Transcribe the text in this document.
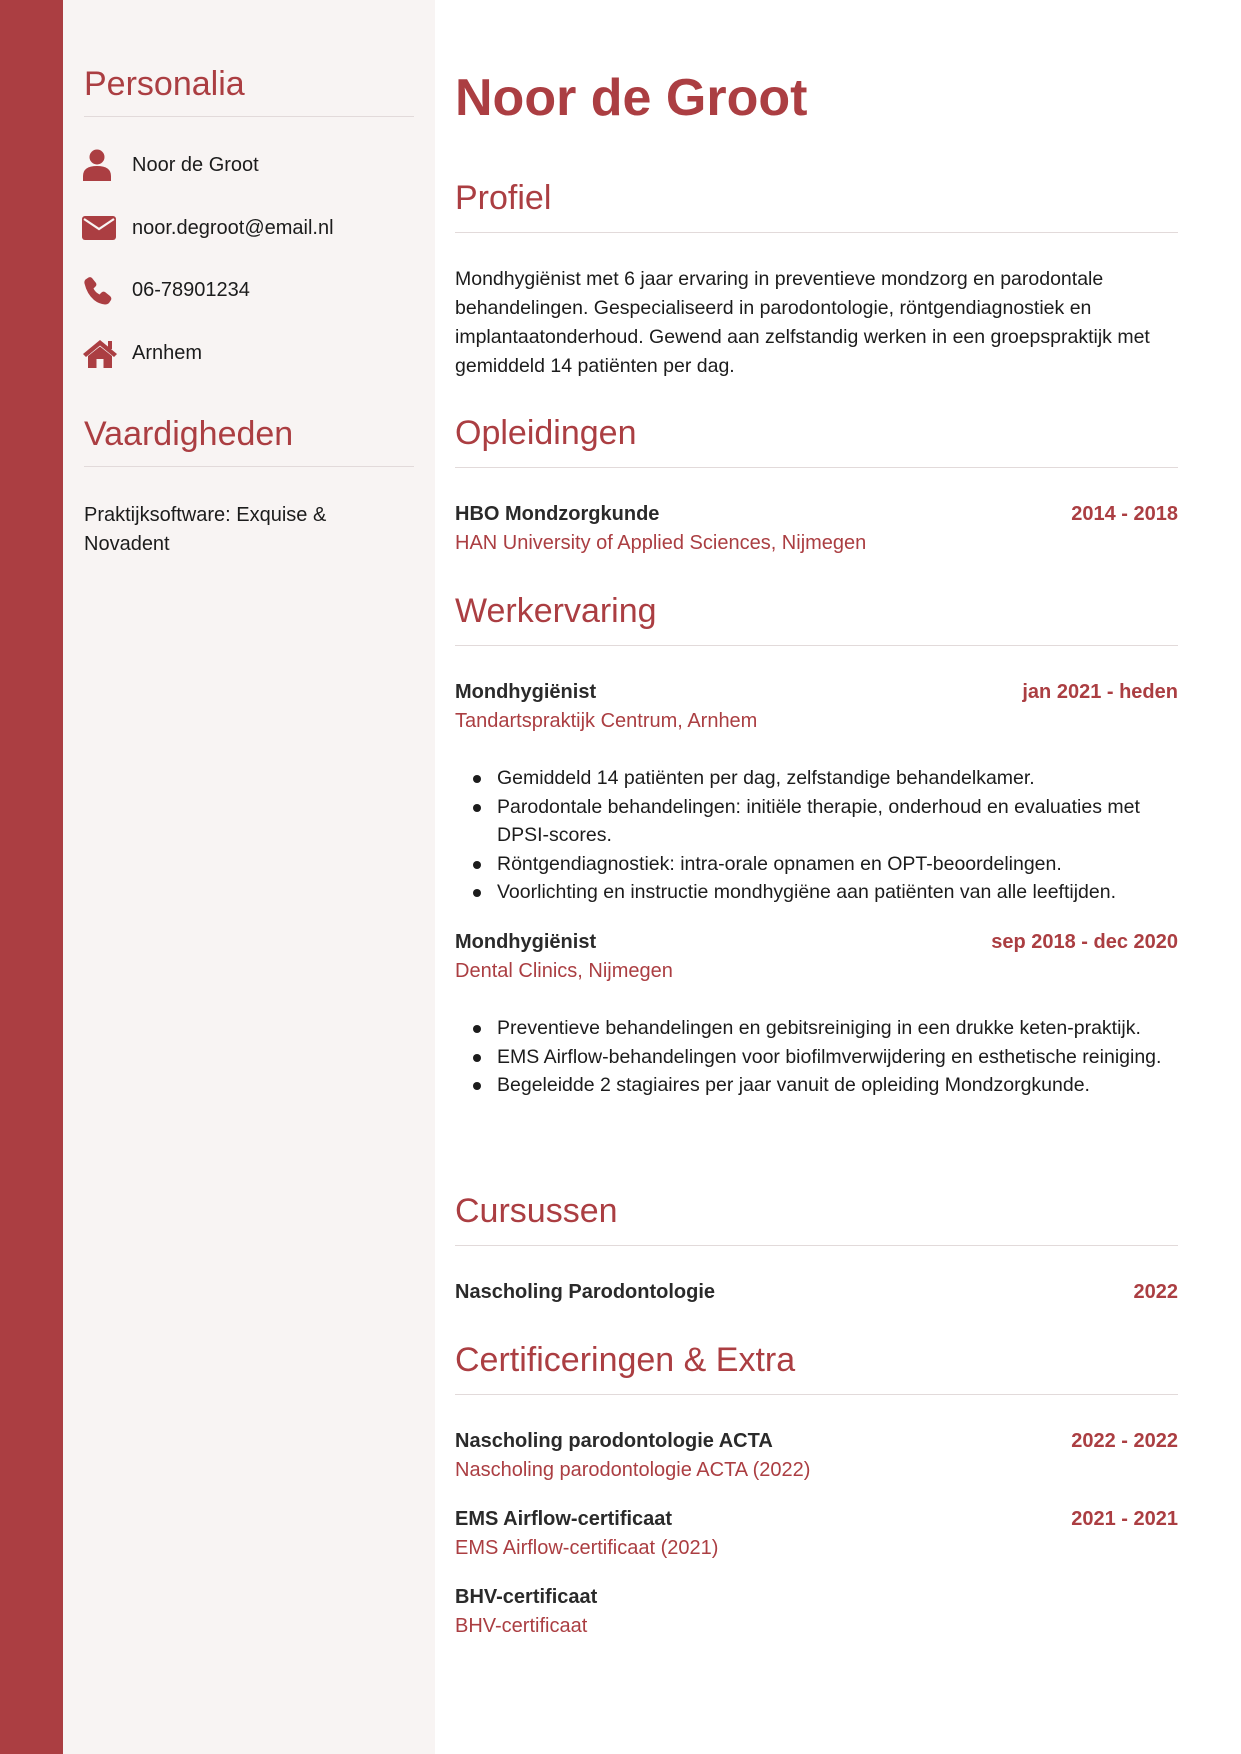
Personalia
Noor de Groot
noor.degroot@email.nl
06-78901234
Arnhem
Vaardigheden
Praktijksoftware: Exquise & Novadent
Noor de Groot
Profiel
Mondhygiënist met 6 jaar ervaring in preventieve mondzorg en parodontale behandelingen. Gespecialiseerd in parodontologie, röntgendiagnostiek en implantaatonderhoud. Gewend aan zelfstandig werken in een groepspraktijk met gemiddeld 14 patiënten per dag.
Opleidingen
HBO Mondzorgkunde	2014 - 2018
HAN University of Applied Sciences, Nijmegen
Werkervaring
Mondhygiënist	jan 2021 - heden
Tandartspraktijk Centrum, Arnhem
Gemiddeld 14 patiënten per dag, zelfstandige behandelkamer.
Parodontale behandelingen: initiële therapie, onderhoud en evaluaties met DPSI-scores.
Röntgendiagnostiek: intra-orale opnamen en OPT-beoordelingen.
Voorlichting en instructie mondhygiëne aan patiënten van alle leeftijden.
Mondhygiënist	sep 2018 - dec 2020
Dental Clinics, Nijmegen
Preventieve behandelingen en gebitsreiniging in een drukke keten-praktijk.
EMS Airflow-behandelingen voor biofilmverwijdering en esthetische reiniging.
Begeleidde 2 stagiaires per jaar vanuit de opleiding Mondzorgkunde.
Cursussen
Nascholing Parodontologie	2022
Certificeringen & Extra
Nascholing parodontologie ACTA	2022 - 2022
Nascholing parodontologie ACTA (2022)
EMS Airflow-certificaat	2021 - 2021
EMS Airflow-certificaat (2021)
BHV-certificaat
BHV-certificaat
